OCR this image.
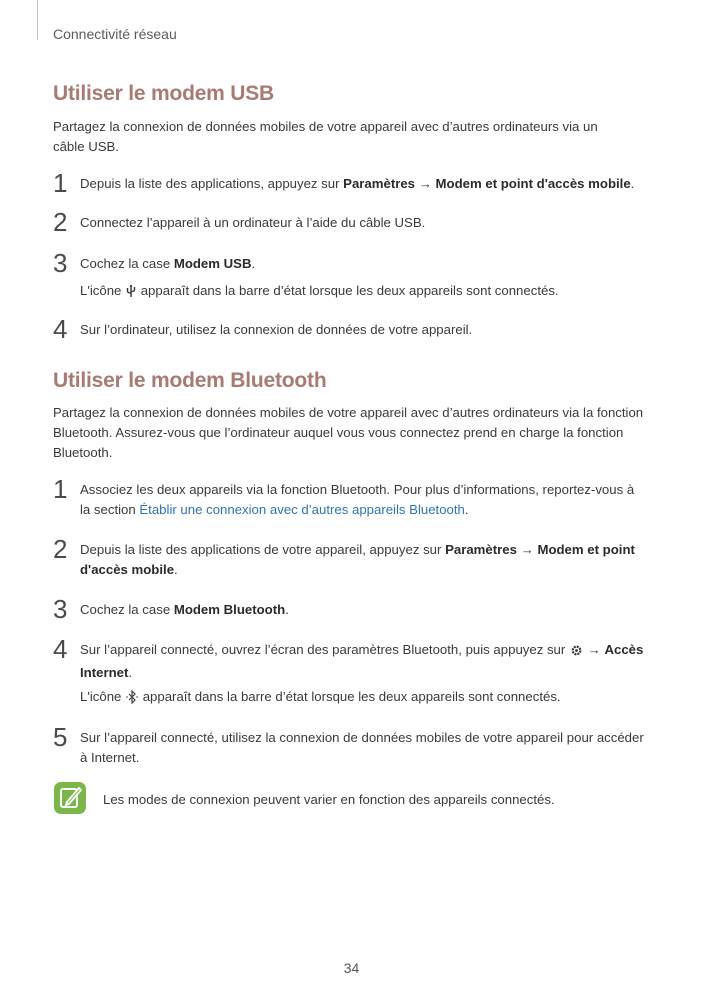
Connectivité réseau
Utiliser le modem USB
Partagez la connexion de données mobiles de votre appareil avec d’autres ordinateurs via un
câble USB.
1 Depuis la liste des applications, appuyez sur Paramètres → Modem et point d'accès mobile.
2 Connectez l’appareil à un ordinateur à l’aide du câble USB.
3 Cochez la case Modem USB.
L'icône  apparaît dans la barre d’état lorsque les deux appareils sont connectés.
4 Sur l’ordinateur, utilisez la connexion de données de votre appareil.
Utiliser le modem Bluetooth
Partagez la connexion de données mobiles de votre appareil avec d’autres ordinateurs via la fonction
Bluetooth. Assurez-vous que l’ordinateur auquel vous vous connectez prend en charge la fonction
Bluetooth.
1 Associez les deux appareils via la fonction Bluetooth. Pour plus d’informations, reportez-vous à
la section Établir une connexion avec d’autres appareils Bluetooth.
2 Depuis la liste des applications de votre appareil, appuyez sur Paramètres → Modem et point
d'accès mobile.
3 Cochez la case Modem Bluetooth.
4 Sur l’appareil connecté, ouvrez l’écran des paramètres Bluetooth, puis appuyez sur  → Accès
Internet.
L'icône  apparaît dans la barre d’état lorsque les deux appareils sont connectés.
5 Sur l’appareil connecté, utilisez la connexion de données mobiles de votre appareil pour accéder
à Internet.
Les modes de connexion peuvent varier en fonction des appareils connectés.
34
